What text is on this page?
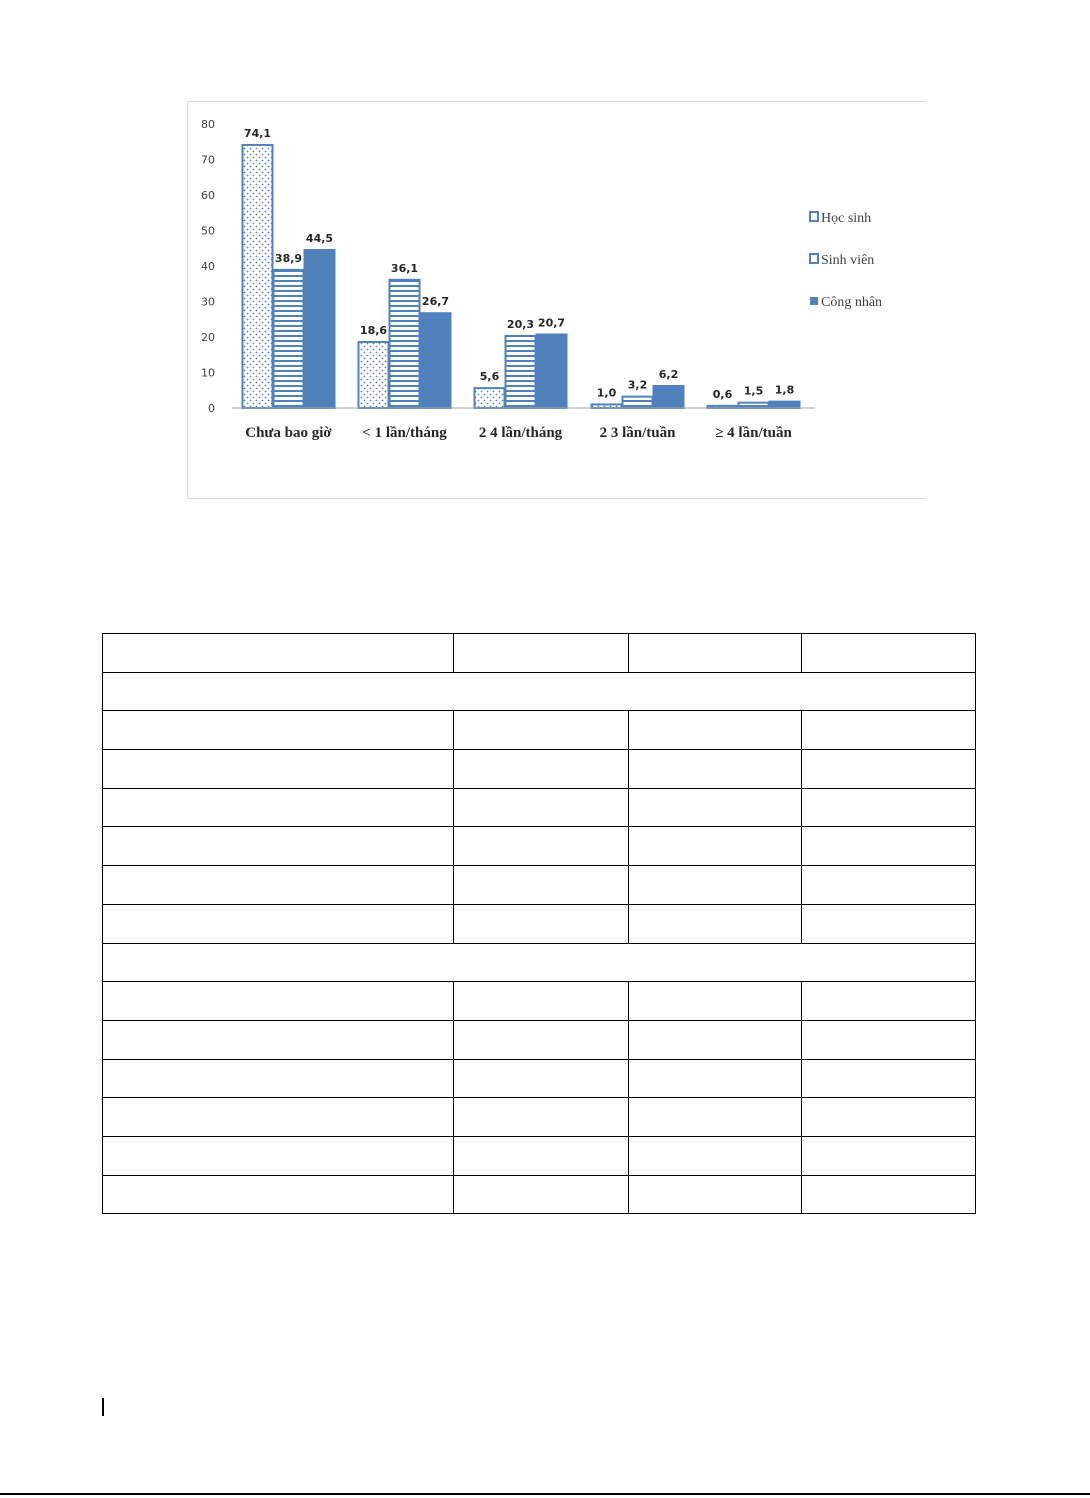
0
10
20
30
40
50
60
70
80
74,1
18,6
5,6
1,0	0,6
38,9
36,1
20,3
3,2	1,5
44,5
26,7
20,7
6,2
1,8
Chưa bao giờ < 1 lần/tháng 2 4 lần/tháng 2 3 lần/tuần	≥ 4 lần/tuần
Học sinh
Sinh viên
Công nhân
